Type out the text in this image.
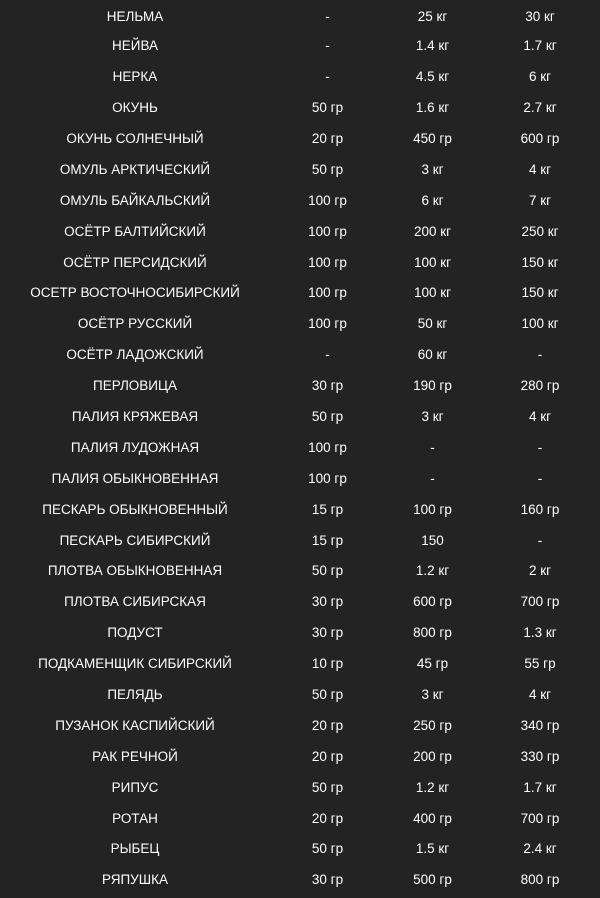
НЕЛЬМА	-	25 кг	30 кг
НЕЙВА	-	1.4 кг	1.7 кг
НЕРКА	-	4.5 кг	6 кг
ОКУНЬ	50 гр	1.6 кг	2.7 кг
ОКУНЬ СОЛНЕЧНЫЙ	20 гр	450 гр	600 гр
ОМУЛЬ АРКТИЧЕСКИЙ	50 гр	3 кг	4 кг
ОМУЛЬ БАЙКАЛЬСКИЙ	100 гр	6 кг	7 кг
ОСЁТР БАЛТИЙСКИЙ	100 гр	200 кг	250 кг
ОСЁТР ПЕРСИДСКИЙ	100 гр	100 кг	150 кг
ОСЕТР ВОСТОЧНОСИБИРСКИЙ	100 гр	100 кг	150 кг
ОСЁТР РУССКИЙ	100 гр	50 кг	100 кг
ОСЁТР ЛАДОЖСКИЙ	-	60 кг	-
ПЕРЛОВИЦА	30 гр	190 гр	280 гр
ПАЛИЯ КРЯЖЕВАЯ	50 гр	3 кг	4 кг
ПАЛИЯ ЛУДОЖНАЯ	100 гр	-	-
ПАЛИЯ ОБЫКНОВЕННАЯ	100 гр	-	-
ПЕСКАРЬ ОБЫКНОВЕННЫЙ	15 гр	100 гр	160 гр
ПЕСКАРЬ СИБИРСКИЙ	15 гр	150	-
ПЛОТВА ОБЫКНОВЕННАЯ	50 гр	1.2 кг	2 кг
ПЛОТВА СИБИРСКАЯ	30 гр	600 гр	700 гр
ПОДУСТ	30 гр	800 гр	1.3 кг
ПОДКАМЕНЩИК СИБИРСКИЙ	10 гр	45 гр	55 гр
ПЕЛЯДЬ	50 гр	3 кг	4 кг
ПУЗАНОК КАСПИЙСКИЙ	20 гр	250 гр	340 гр
РАК РЕЧНОЙ	20 гр	200 гр	330 гр
РИПУС	50 гр	1.2 кг	1.7 кг
РОТАН	20 гр	400 гр	700 гр
РЫБЕЦ	50 гр	1.5 кг	2.4 кг
РЯПУШКА	30 гр	500 гр	800 гр
